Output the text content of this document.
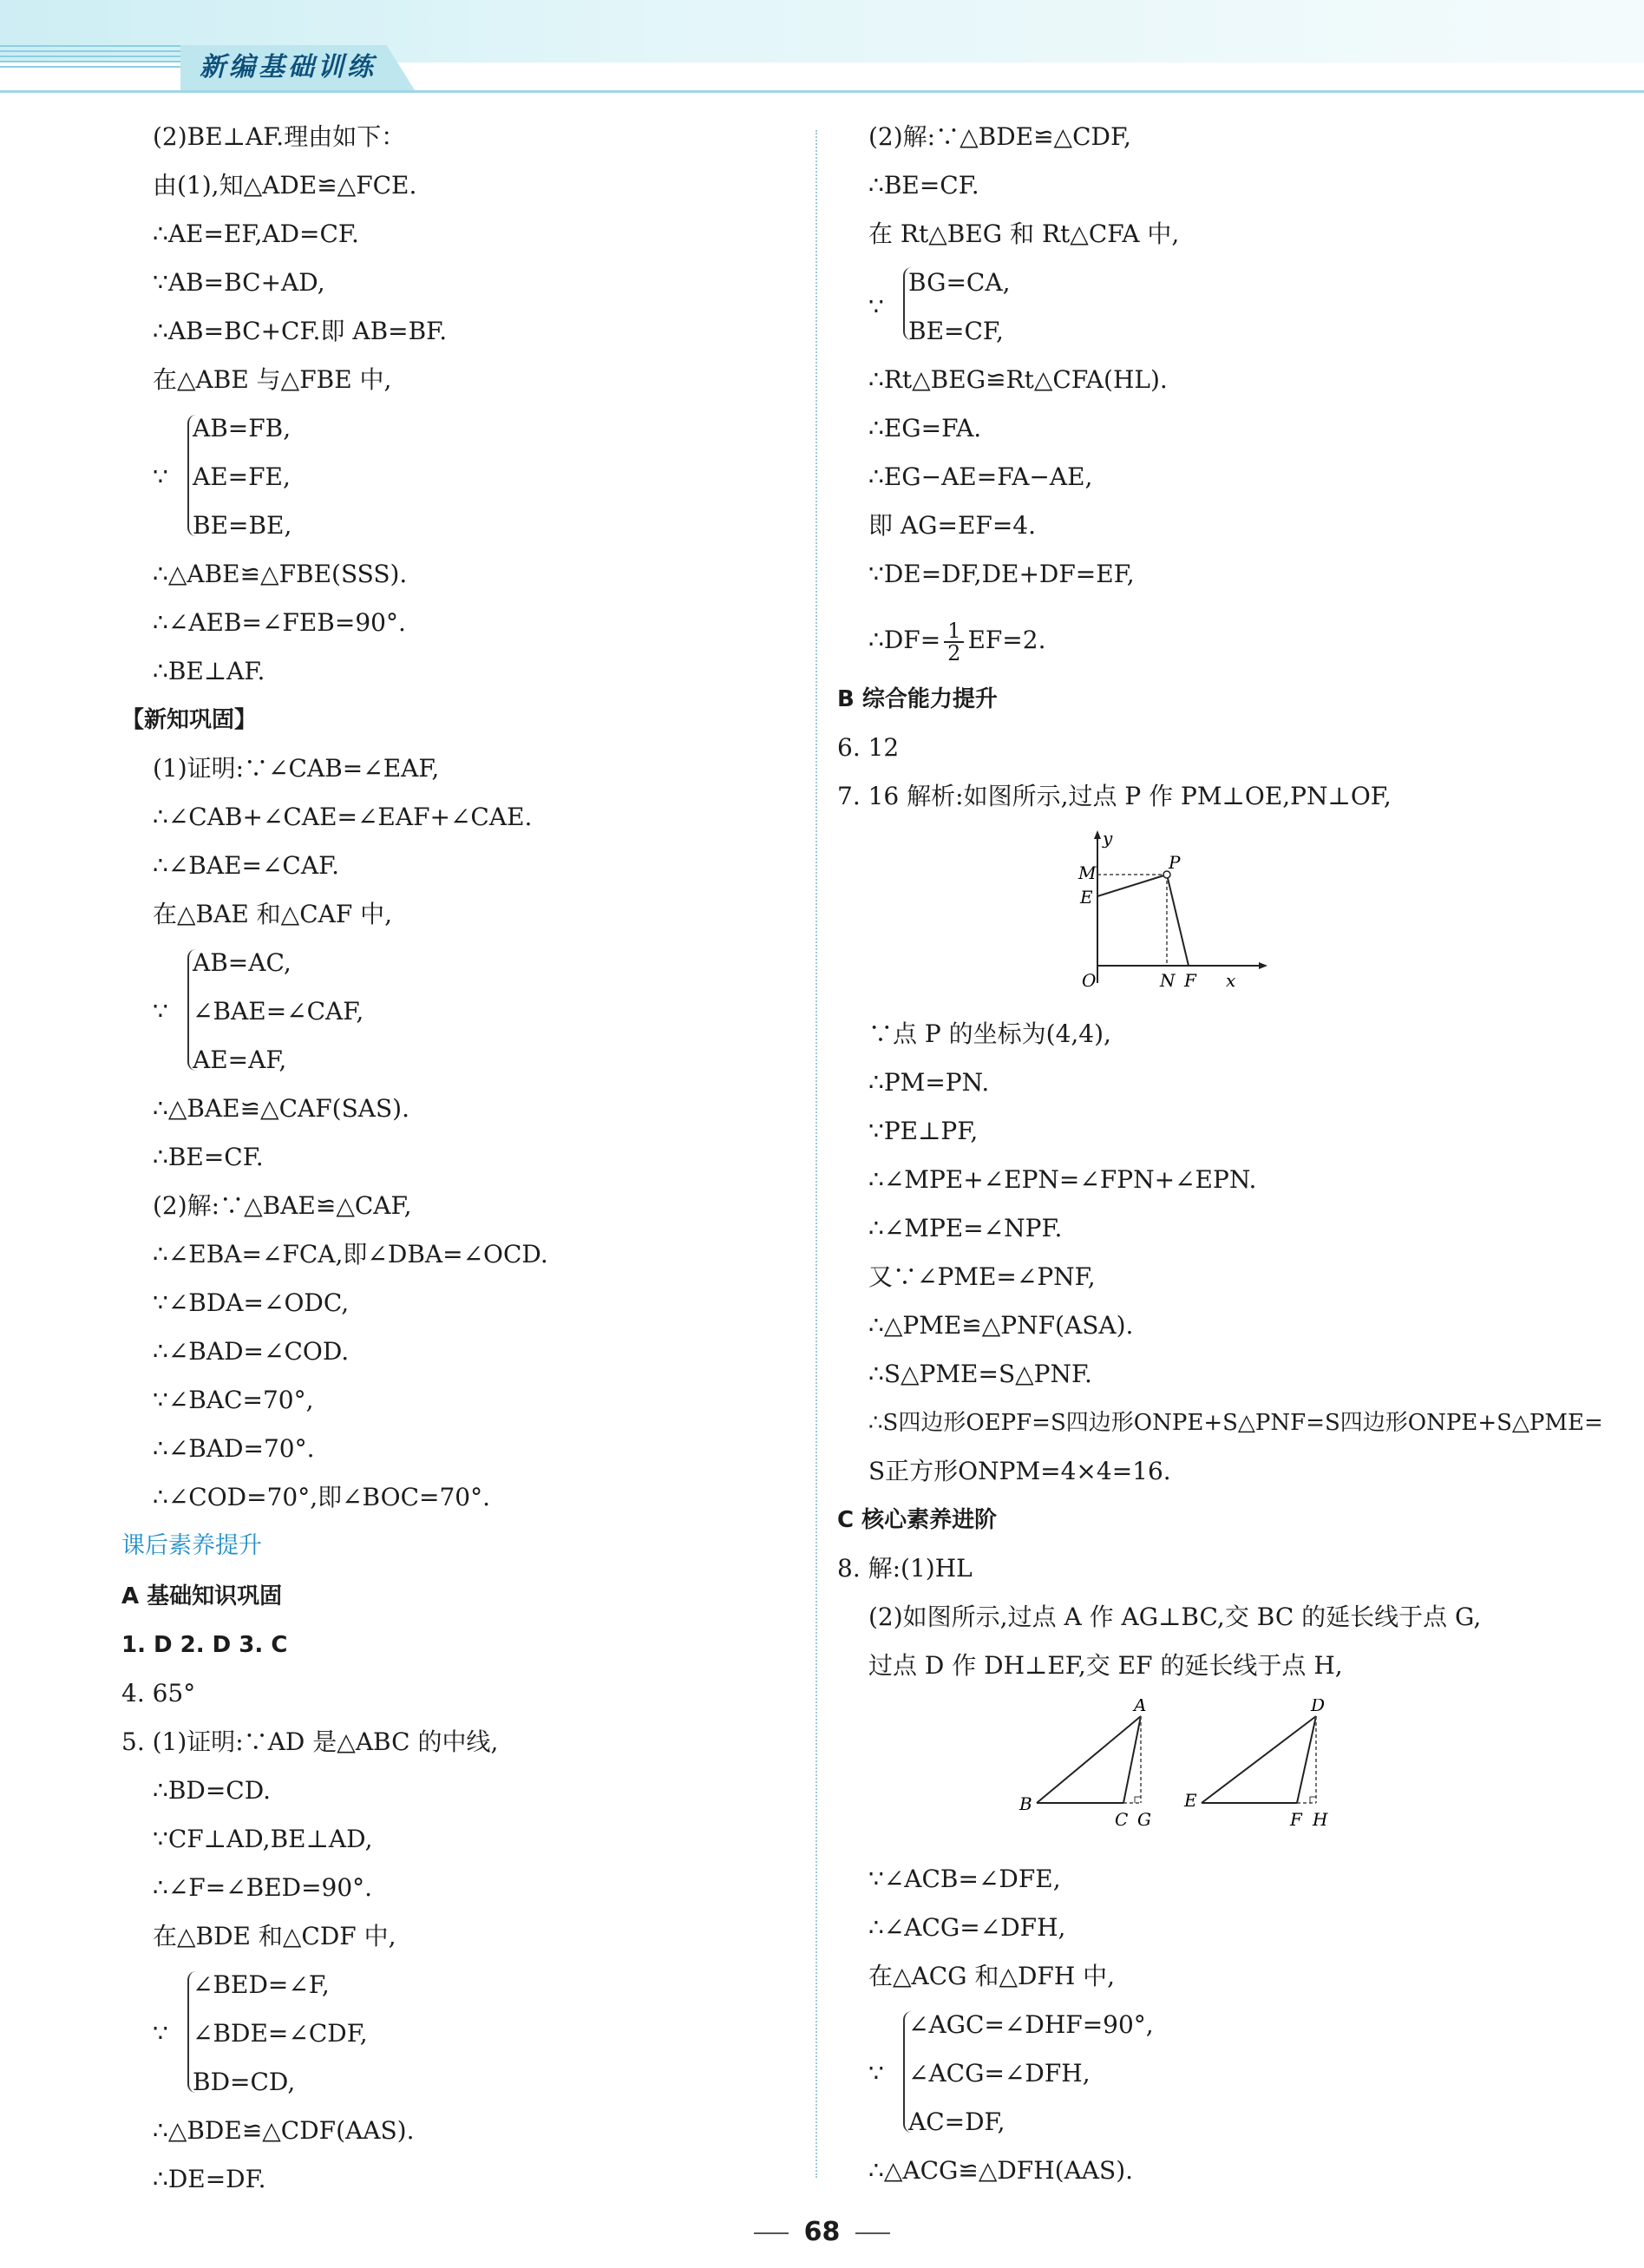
新编基础训练
(2)BE⊥AF.理由如下：
由(1),知△ADE≌△FCE.
∴AE=EF,AD=CF.
∵AB=BC+AD,
∴AB=BC+CF.即 AB=BF.
在△ABE 与△FBE 中,
∵
AB=FB,
AE=FE,
BE=BE,
∴△ABE≌△FBE(SSS).
∴∠AEB=∠FEB=90°.
∴BE⊥AF.
【新知巩固】
(1)证明:∵∠CAB=∠EAF,
∴∠CAB+∠CAE=∠EAF+∠CAE.
∴∠BAE=∠CAF.
在△BAE 和△CAF 中,
∵
AB=AC,
∠BAE=∠CAF,
AE=AF,
∴△BAE≌△CAF(SAS).
∴BE=CF.
(2)解:∵△BAE≌△CAF,
∴∠EBA=∠FCA,即∠DBA=∠OCD.
∵∠BDA=∠ODC,
∴∠BAD=∠COD.
∵∠BAC=70°,
∴∠BAD=70°.
∴∠COD=70°,即∠BOC=70°.
课后素养提升
A 基础知识巩固
1. D 2. D 3. C
4. 65°
5. (1)证明:∵AD 是△ABC 的中线,
∴BD=CD.
∵CF⊥AD,BE⊥AD,
∴∠F=∠BED=90°.
在△BDE 和△CDF 中,
∵
∠BED=∠F,
∠BDE=∠CDF,
BD=CD,
∴△BDE≌△CDF(AAS).
∴DE=DF.
(2)解:∵△BDE≌△CDF,
∴BE=CF.
在 Rt△BEG 和 Rt△CFA 中,
∵
BG=CA,
BE=CF,
∴Rt△BEG≌Rt△CFA(HL).
∴EG=FA.
∴EG−AE=FA−AE,
即 AG=EF=4.
∵DE=DF,DE+DF=EF,
∴DF= $\frac{1}{2} EF=2$.
B 综合能力提升
6. 12
7. 16 解析:如图所示,过点 P 作 PM⊥OE,PN⊥OF,
y
M	P
E
O	N F x
∵点 P 的坐标为(4,4),
∴PM=PN.
∵PE⊥PF,
∴∠MPE+∠EPN=∠FPN+∠EPN.
∴∠MPE=∠NPF.
又∵∠PME=∠PNF,
∴△PME≌△PNF(ASA).
∴S△PME=S△PNF.
∴S四边形OEPF=S四边形ONPE+S△PNF=S四边形ONPE+S△PME=
S正方形ONPM=4×4=16.
C 核心素养进阶
8. 解:(1)HL
(2)如图所示,过点 A 作 AG⊥BC,交 BC 的延长线于点 G,
过点 D 作 DH⊥EF,交 EF 的延长线于点 H,
A
B
C G
D
E
F H
∵∠ACB=∠DFE,
∴∠ACG=∠DFH,
在△ACG 和△DFH 中,
∵
∠AGC=∠DHF=90°,
∠ACG=∠DFH,
AC=DF,
∴△ACG≌△DFH(AAS).
68
